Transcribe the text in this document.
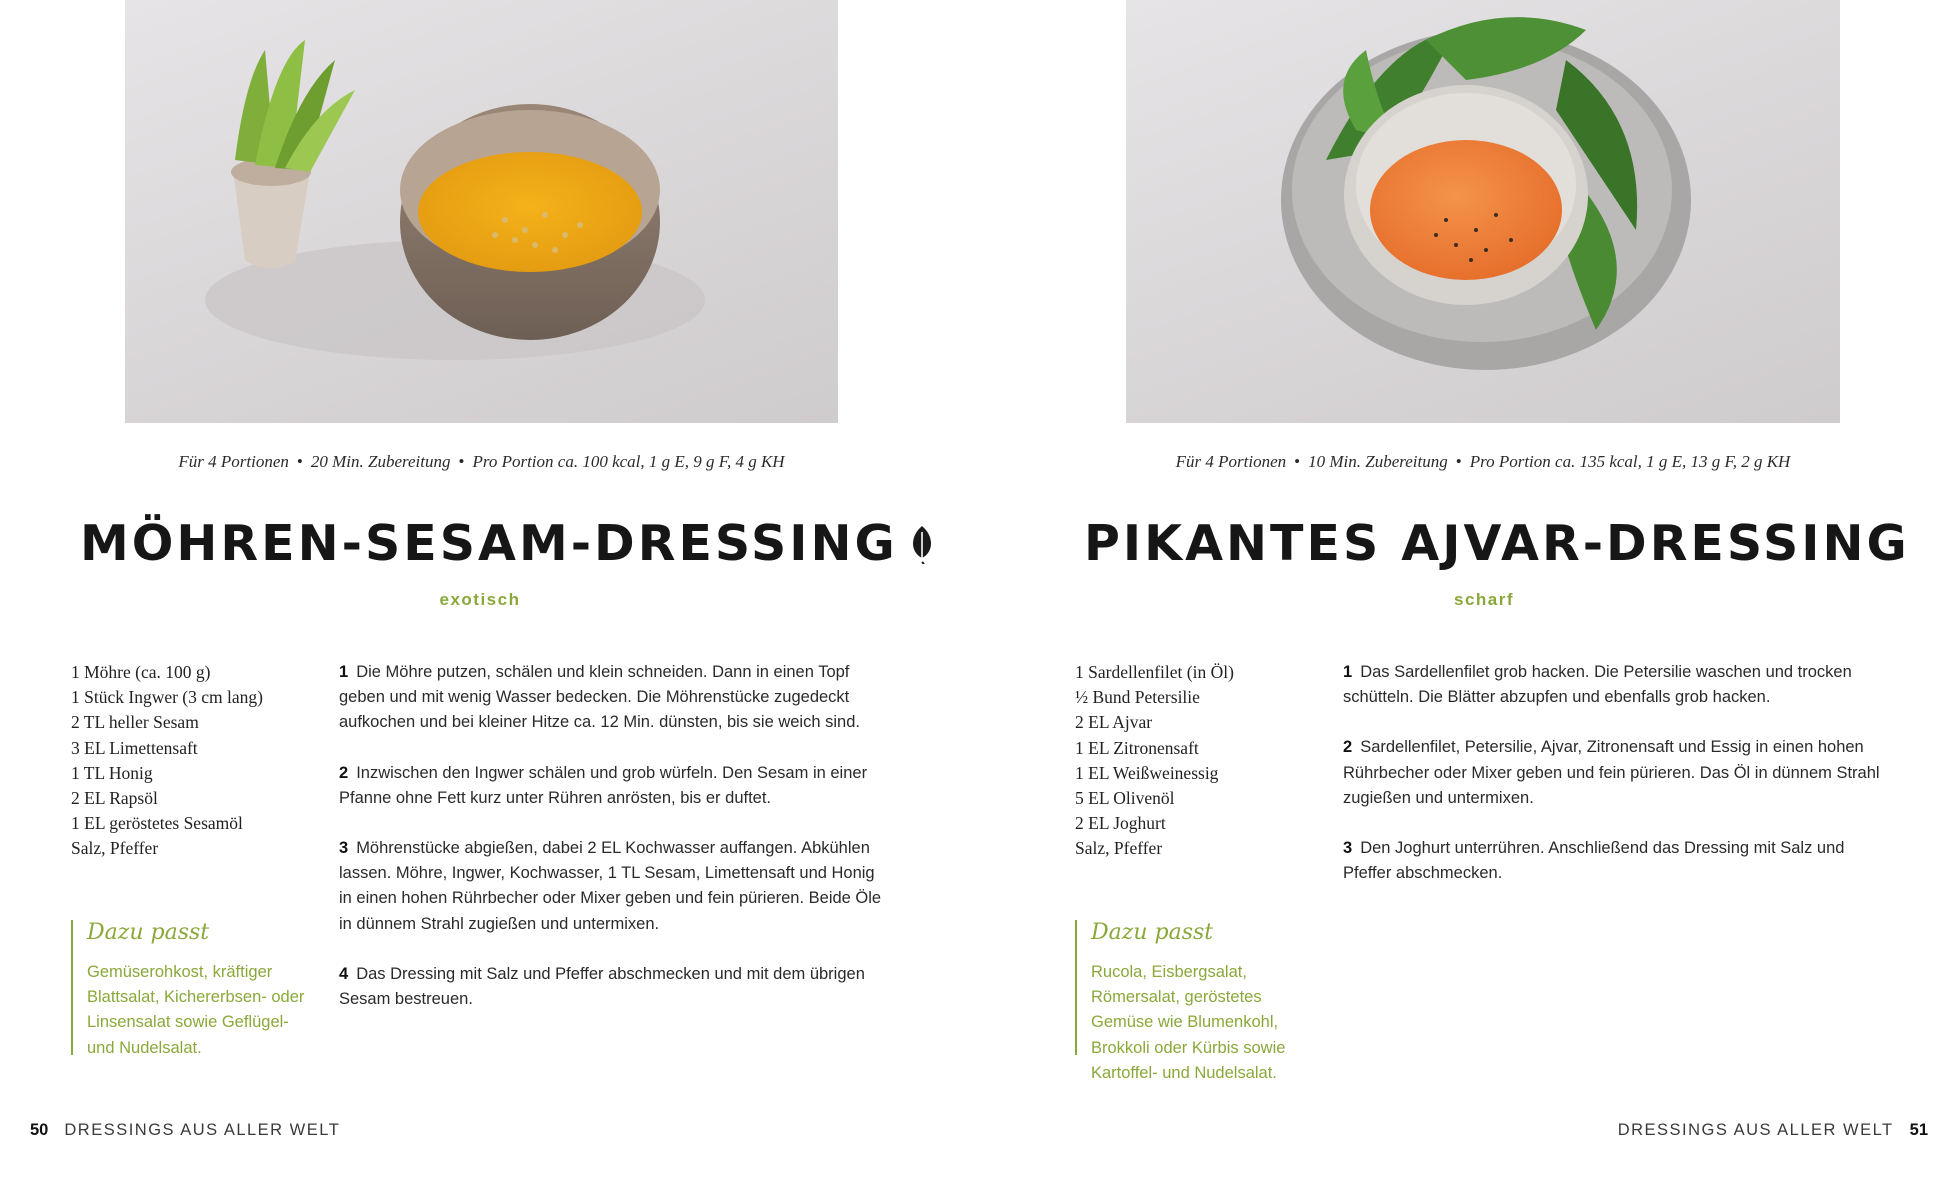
Für 4 Portionen • 20 Min. Zubereitung • Pro Portion ca. 100 kcal, 1 g E, 9 g F, 4 g KH
MÖHREN-SESAM-DRESSING
exotisch
1 Möhre (ca. 100 g)
1 Stück Ingwer (3 cm lang)
2 TL heller Sesam
3 EL Limettensaft
1 TL Honig
2 EL Rapsöl
1 EL geröstetes Sesamöl
Salz, Pfeffer
1 Die Möhre putzen, schälen und klein schneiden. Dann in einen Topf geben und mit wenig Wasser bedecken. Die Möhrenstücke zugedeckt aufkochen und bei kleiner Hitze ca. 12 Min. dünsten, bis sie weich sind.
2 Inzwischen den Ingwer schälen und grob würfeln. Den Sesam in einer Pfanne ohne Fett kurz unter Rühren anrösten, bis er duftet.
3 Möhrenstücke abgießen, dabei 2 EL Kochwasser auffangen. Abkühlen lassen. Möhre, Ingwer, Kochwasser, 1 TL Sesam, Limettensaft und Honig in einen hohen Rührbecher oder Mixer geben und fein pürieren. Beide Öle in dünnem Strahl zugießen und untermixen.
4 Das Dressing mit Salz und Pfeffer abschmecken und mit dem übrigen Sesam bestreuen.
Dazu passt
Gemüserohkost, kräftiger Blattsalat, Kichererbsen- oder Linsensalat sowie Geflügel- und Nudelsalat.
50 DRESSINGS AUS ALLER WELT
Für 4 Portionen • 10 Min. Zubereitung • Pro Portion ca. 135 kcal, 1 g E, 13 g F, 2 g KH
PIKANTES AJVAR-DRESSING
scharf
1 Sardellenfilet (in Öl)
½ Bund Petersilie
2 EL Ajvar
1 EL Zitronensaft
1 EL Weißweinessig
5 EL Olivenöl
2 EL Joghurt
Salz, Pfeffer
1 Das Sardellenfilet grob hacken. Die Petersilie waschen und trocken schütteln. Die Blätter abzupfen und ebenfalls grob hacken.
2 Sardellenfilet, Petersilie, Ajvar, Zitronensaft und Essig in einen hohen Rührbecher oder Mixer geben und fein pürieren. Das Öl in dünnem Strahl zugießen und untermixen.
3 Den Joghurt unterrühren. Anschließend das Dressing mit Salz und Pfeffer abschmecken.
Dazu passt
Rucola, Eisbergsalat, Römersalat, geröstetes Gemüse wie Blumenkohl, Brokkoli oder Kürbis sowie Kartoffel- und Nudelsalat.
DRESSINGS AUS ALLER WELT 51
